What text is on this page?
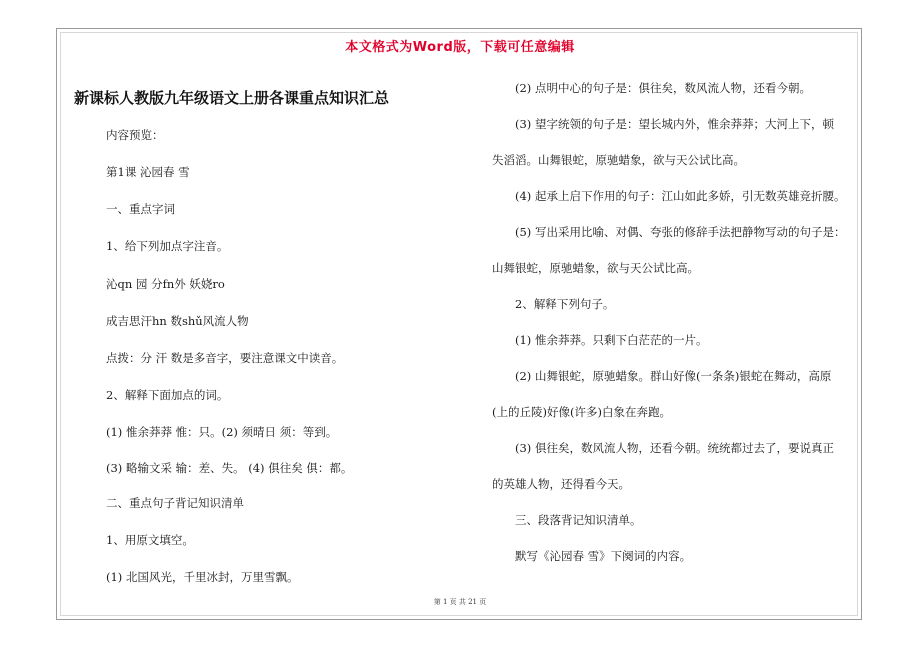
本文格式为Word版，下载可任意编辑
新课标人教版九年级语文上册各课重点知识汇总
内容预览：
第1课 沁园春 雪
一、重点字词
1、给下列加点字注音。
沁qn 园 分fn外 妖娆ro
成吉思汗hn 数shǔ风流人物
点拨：分 汗 数是多音字，要注意课文中读音。
2、解释下面加点的词。
(1) 惟余莽莽 惟：只。(2) 须晴日 须：等到。
(3) 略输文采 输：差、失。 (4) 俱往矣 俱：都。
二、重点句子背记知识清单
1、用原文填空。
(1) 北国风光，千里冰封，万里雪飘。
(2) 点明中心的句子是：俱往矣，数风流人物，还看今朝。
(3) 望字统领的句子是：望长城内外，惟余莽莽；大河上下，顿
失滔滔。山舞银蛇，原驰蜡象，欲与天公试比高。
(4) 起承上启下作用的句子：江山如此多娇，引无数英雄竞折腰。
(5) 写出采用比喻、对偶、夸张的修辞手法把静物写动的句子是：
山舞银蛇，原驰蜡象，欲与天公试比高。
2、解释下列句子。
(1) 惟余莽莽。只剩下白茫茫的一片。
(2) 山舞银蛇，原驰蜡象。群山好像(一条条)银蛇在舞动，高原
(上的丘陵)好像(许多)白象在奔跑。
(3) 俱往矣，数风流人物，还看今朝。统统都过去了，要说真正
的英雄人物，还得看今天。
三、段落背记知识清单。
默写《沁园春 雪》下阕词的内容。
第 1 页 共 21 页
